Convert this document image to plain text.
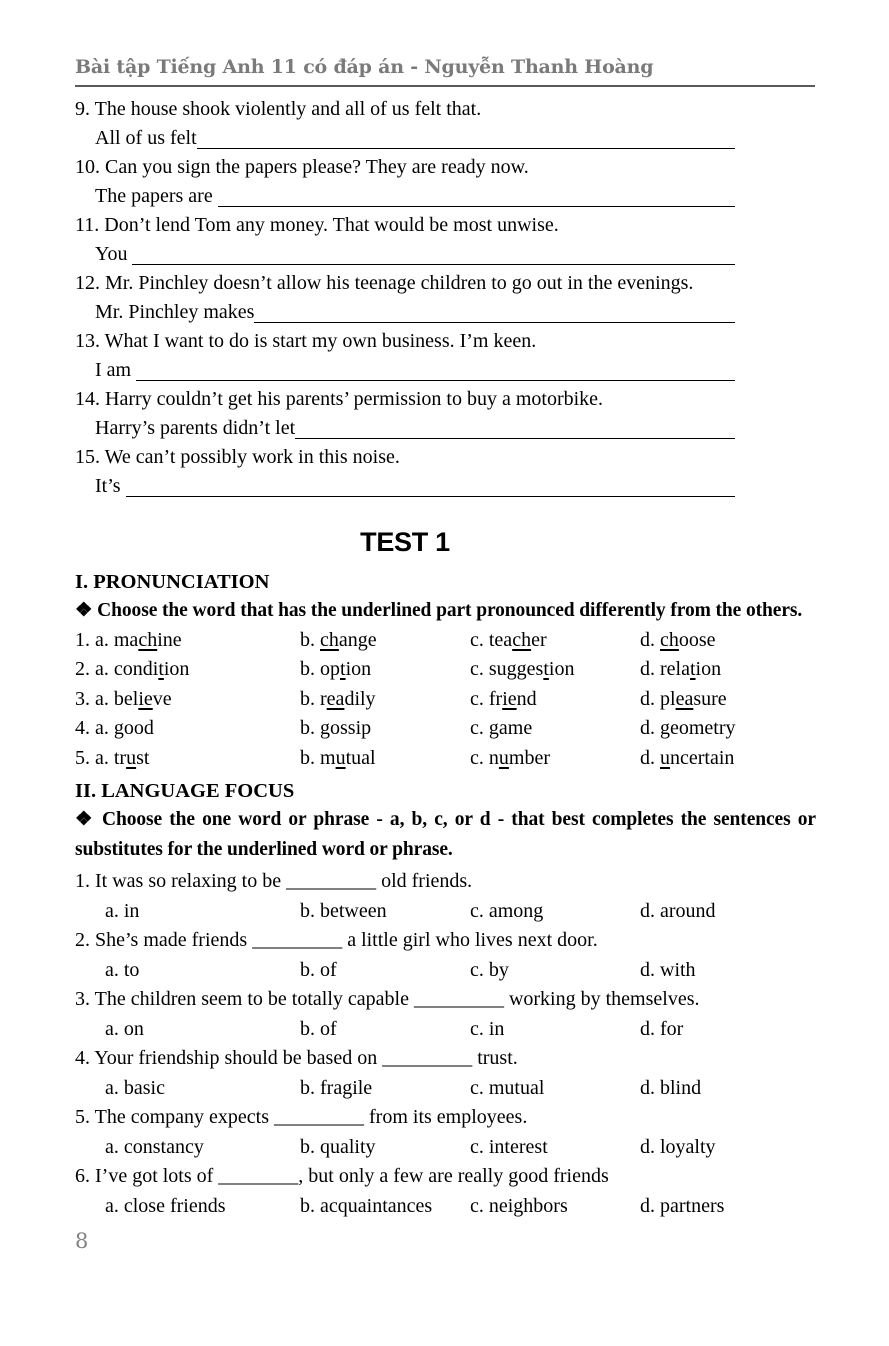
Bài tập Tiếng Anh 11 có đáp án - Nguyễn Thanh Hoàng
9. The house shook violently and all of us felt that.
All of us felt
10. Can you sign the papers please? They are ready now.
The papers are
11. Don’t lend Tom any money. That would be most unwise.
You
12. Mr. Pinchley doesn’t allow his teenage children to go out in the evenings.
Mr. Pinchley makes
13. What I want to do is start my own business. I’m keen.
I am
14. Harry couldn’t get his parents’ permission to buy a motorbike.
Harry’s parents didn’t let
15. We can’t possibly work in this noise.
It’s
TEST 1
I. PRONUNCIATION

❖ Choose the word that has the underlined part pronounced differently from the others.

1. a. machine	b. change	c. teacher	d. choose
2. a. condition	b. option	c. suggestion	d. relation
3. a. believe	b. readily	c. friend	d. pleasure
4. a. good	b. gossip	c. game	d. geometry
5. a. trust	b. mutual	c. number	d. uncertain
II. LANGUAGE FOCUS

❖ Choose the one word or phrase - a, b, c, or d - that best completes the sentences or substitutes for the underlined word or phrase.

1. It was so relaxing to be _________ old friends.
a. in	b. between	c. among	d. around
2. She’s made friends _________ a little girl who lives next door.
a. to	b. of	c. by	d. with
3. The children seem to be totally capable _________ working by themselves.
a. on	b. of	c. in	d. for
4. Your friendship should be based on _________ trust.
a. basic	b. fragile	c. mutual	d. blind
5. The company expects _________ from its employees.
a. constancy	b. quality	c. interest	d. loyalty
6. I’ve got lots of ________, but only a few are really good friends
a. close friends	b. acquaintances	c. neighbors	d. partners
8
